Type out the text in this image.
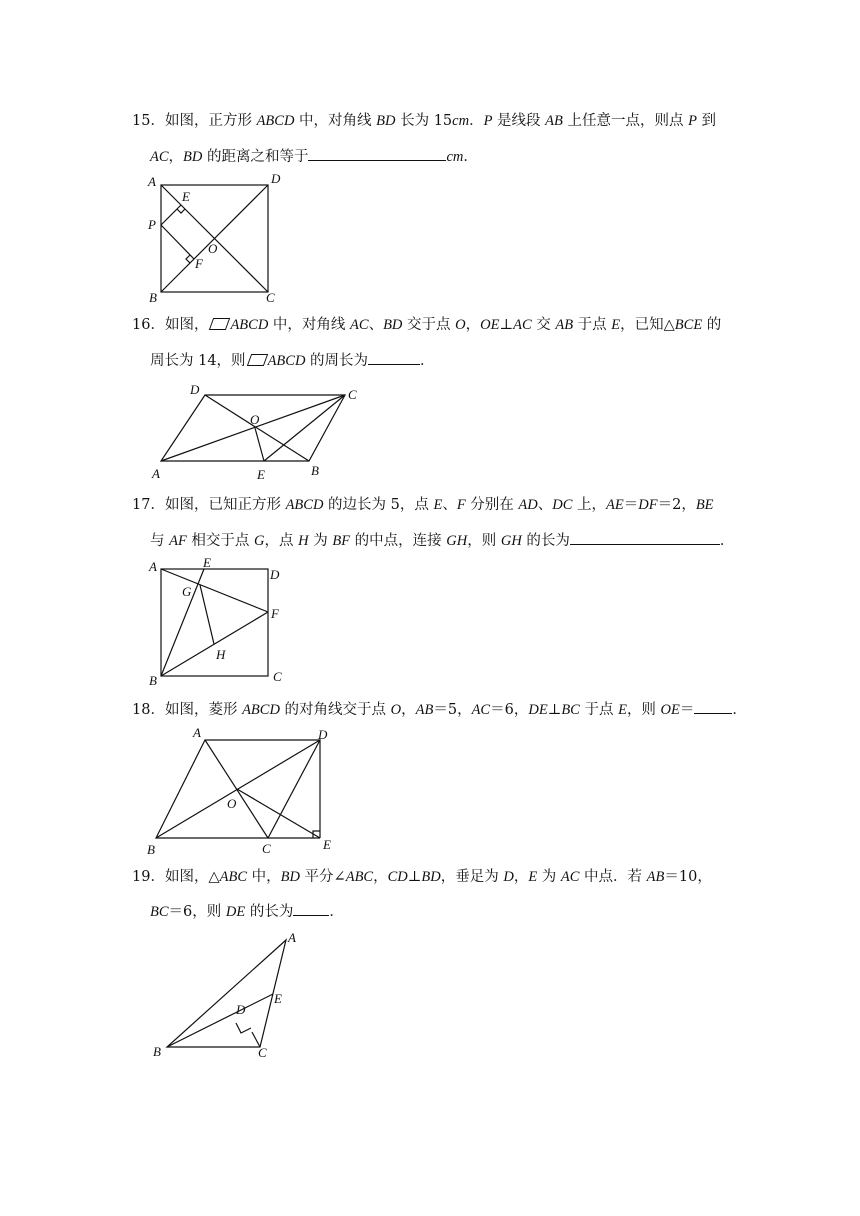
15．如图，正方形 ABCD 中，对角线 BD 长为 15cm．P 是线段 AB 上任意一点，则点 P 到
AC，BD 的距离之和等于	cm．
A	D
E
P
O
F
B	C
16．如图， ABCD 中，对角线 AC、BD 交于点 O，OE⊥AC 交 AB 于点 E，已知△BCE 的
周长为 14，则 ABCD 的周长为	．
D	C
O
A	E	B
17．如图，已知正方形 ABCD 的边长为 5，点 E、F 分别在 AD、DC 上，AE＝DF＝2，BE
与 AF 相交于点 G，点 H 为 BF 的中点，连接 GH，则 GH 的长为	．
A	E
D
G
F
H
B	C
18．如图，菱形 ABCD 的对角线交于点 O，AB＝5，AC＝6，DE⊥BC 于点 E，则 OE＝	．
A	D
O
B	C	E
19．如图，△ABC 中，BD 平分∠ABC，CD⊥BD，垂足为 D，E 为 AC 中点．若 AB＝10，
BC＝6，则 DE 的长为 ．
A
E
D
B	C
